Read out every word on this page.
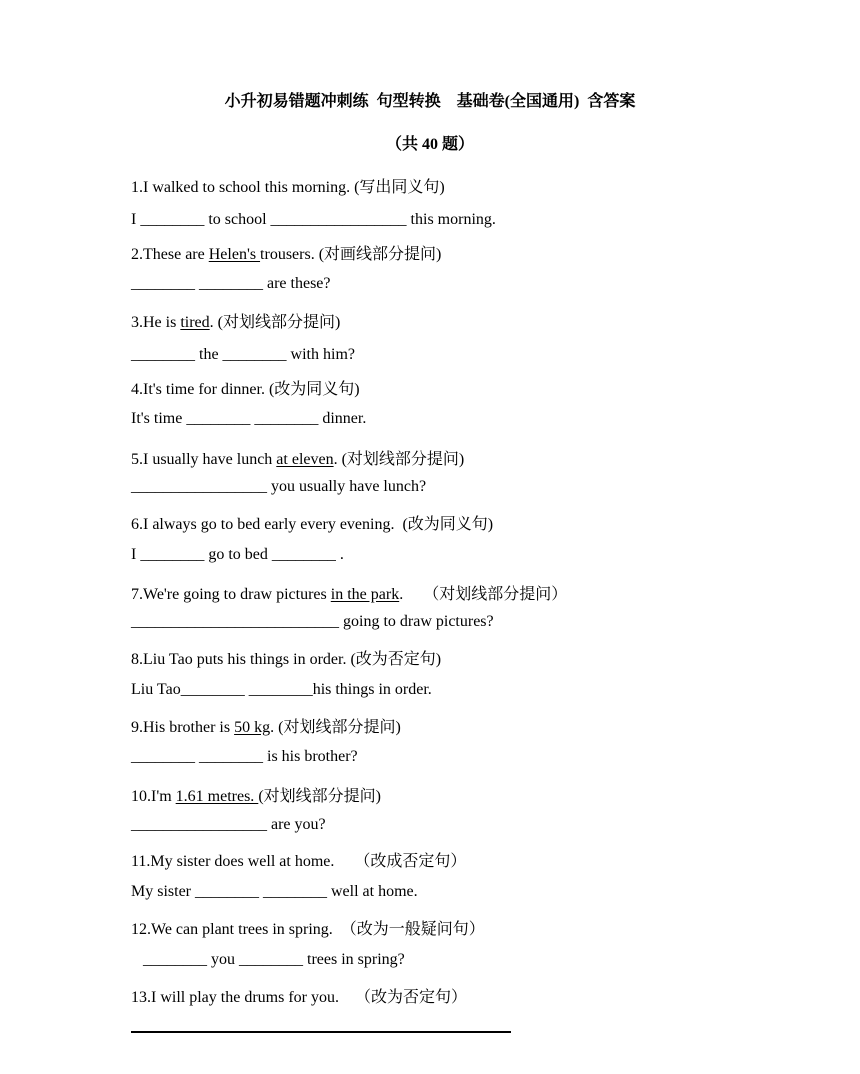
小升初易错题冲刺练  句型转换    基础卷(全国通用)  含答案
（共 40 题）
1.I walked to school this morning. (写出同义句)
I ________ to school _________________ this morning.
2.These are Helen's trousers. (对画线部分提问)
________ ________ are these?
3.He is tired. (对划线部分提问)
________ the ________ with him?
4.It's time for dinner. (改为同义句)
It's time ________ ________ dinner.
5.I usually have lunch at eleven. (对划线部分提问)
_________________ you usually have lunch?
6.I always go to bed early every evening.  (改为同义句)
I ________ go to bed ________ .
7.We're going to draw pictures in the park.     （对划线部分提问）
__________________________ going to draw pictures?
8.Liu Tao puts his things in order. (改为否定句)
Liu Tao________ ________his things in order.
9.His brother is 50 kg. (对划线部分提问)
________ ________ is his brother?
10.I'm 1.61 metres. (对划线部分提问)
_________________ are you?
11.My sister does well at home.     （改成否定句）
My sister ________ ________ well at home.
12.We can plant trees in spring.  （改为一般疑问句）
________ you ________ trees in spring?
13.I will play the drums for you.    （改为否定句）
